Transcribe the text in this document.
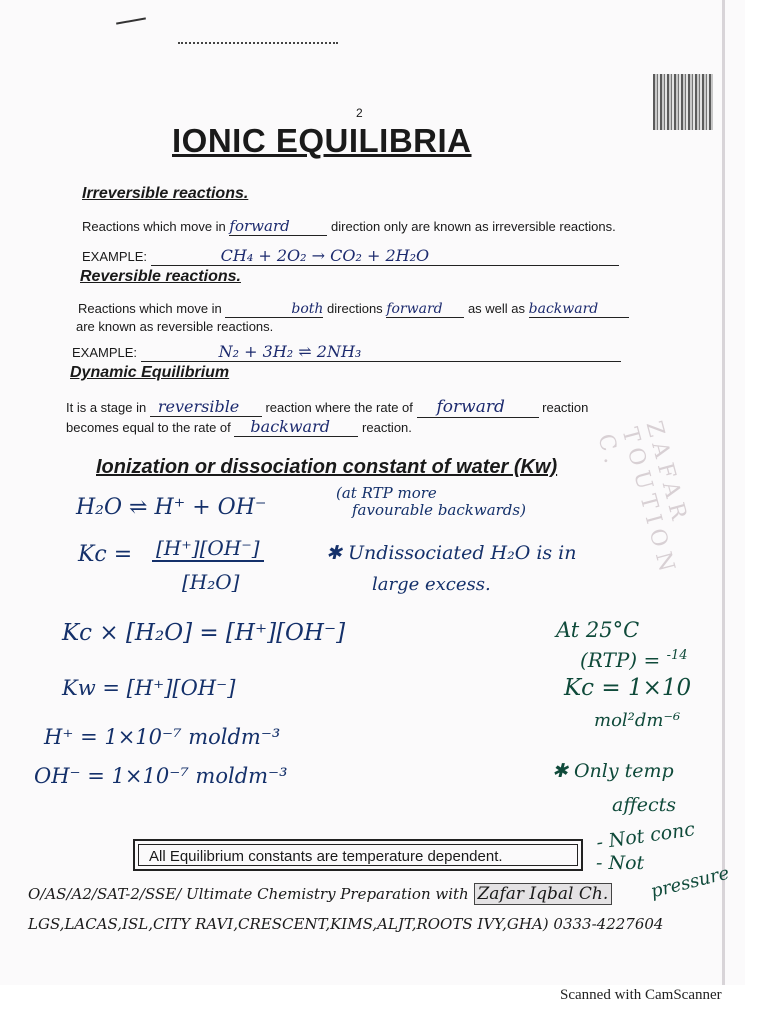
2
IONIC EQUILIBRIA
Irreversible reactions.
Reactions which move in forward	direction only are known as irreversible reactions.
EXAMPLE:	CH₄ + 2O₂ → CO₂ + 2H₂O
Reversible reactions.
Reactions which move in	both directions forward as well as backward
are known as reversible reactions.
EXAMPLE:	N₂ + 3H₂ ⇌ 2NH₃
Dynamic Equilibrium
It is a stage in reversible reaction where the rate of forward	reaction
becomes equal to the rate of backward reaction.
Ionization or dissociation constant of water (Kw)	ZAFAR TOUTION C.
H₂O ⇌ H⁺ + OH⁻
(at RTP more
favourable backwards)
Kc = [H⁺][OH⁻]
[H₂O]
✱ Undissociated H₂O is in
large excess.
Kc × [H₂O] = [H⁺][OH⁻]
Kw = [H⁺][OH⁻]
H⁺ = 1×10⁻⁷ moldm⁻³
OH⁻ = 1×10⁻⁷ moldm⁻³
At 25°C
(RTP) = $^{-14}$
Kc = 1×10
mol²dm⁻⁶
✱ Only temp
affects
- Not conc
- Not pressure
All Equilibrium constants are temperature dependent.
O/AS/A2/SAT-2/SSE/ Ultimate Chemistry Preparation with Zafar Iqbal Ch.
LGS,LACAS,ISL,CITY RAVI,CRESCENT,KIMS,ALJT,ROOTS IVY,GHA) 0333-4227604
Scanned with CamScanner
